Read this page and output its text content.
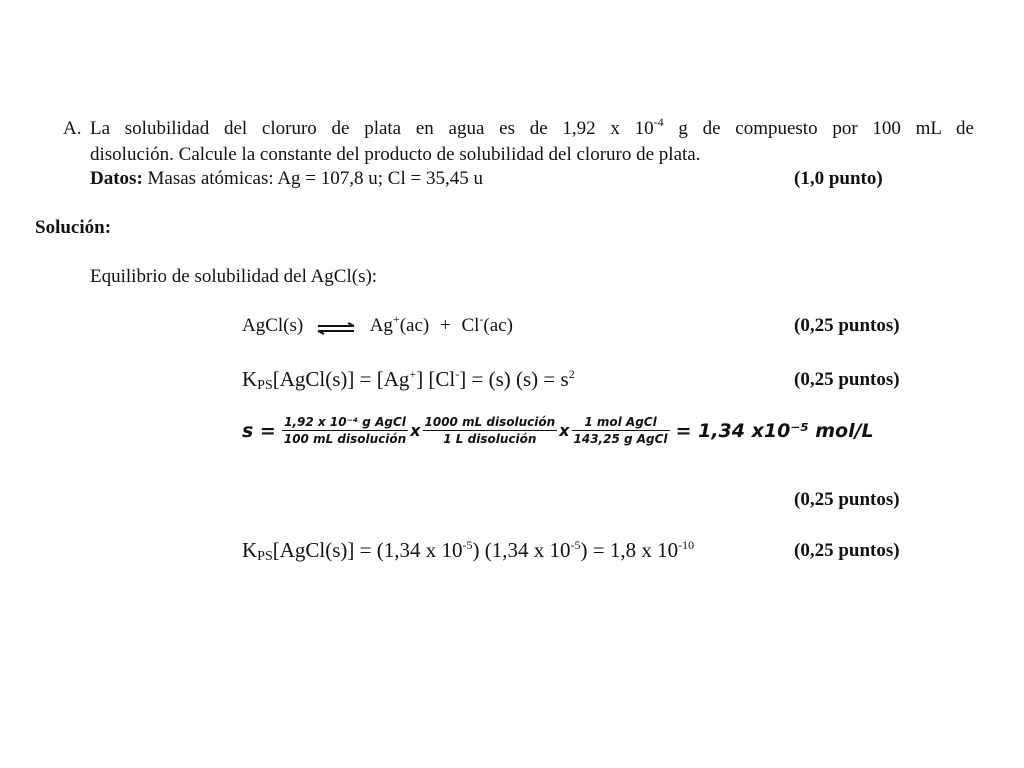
A. La solubilidad del cloruro de plata en agua es de 1,92 x $10^{-4}$ g de compuesto por 100 mL de
disolución. Calcule la constante del producto de solubilidad del cloruro de plata.
Datos: Masas atómicas: Ag = 107,8 u; Cl = 35,45 u	(1,0 punto)
Solución:
Equilibrio de solubilidad del AgCl(s):
AgCl(s) ⇌ Ag+(ac) + Cl-(ac)	(0,25 puntos)
$K_{PS}[AgCl(s)] = [Ag^+] [Cl^-] = (s) (s) = s^2$	(0,25 puntos)
$s = \frac{\text{1,92 x 10⁻⁴ g AgCl}}{\text{100 mL disolución}}$ x $\frac{\text{1000 mL disolución}}{\text{1 L disolución}}$ x $\frac{\text{1 mol AgCl}}{\text{143,25 g AgCl}} = 1,34$ x10⁻⁵ mol/L
(0,25 puntos)
$K_{PS}[AgCl(s)] = (1,34$ x $10^{-5}$) (1,34 x $10^{-5}) = 1,8$ x $10^{-10}$	(0,25 puntos)
